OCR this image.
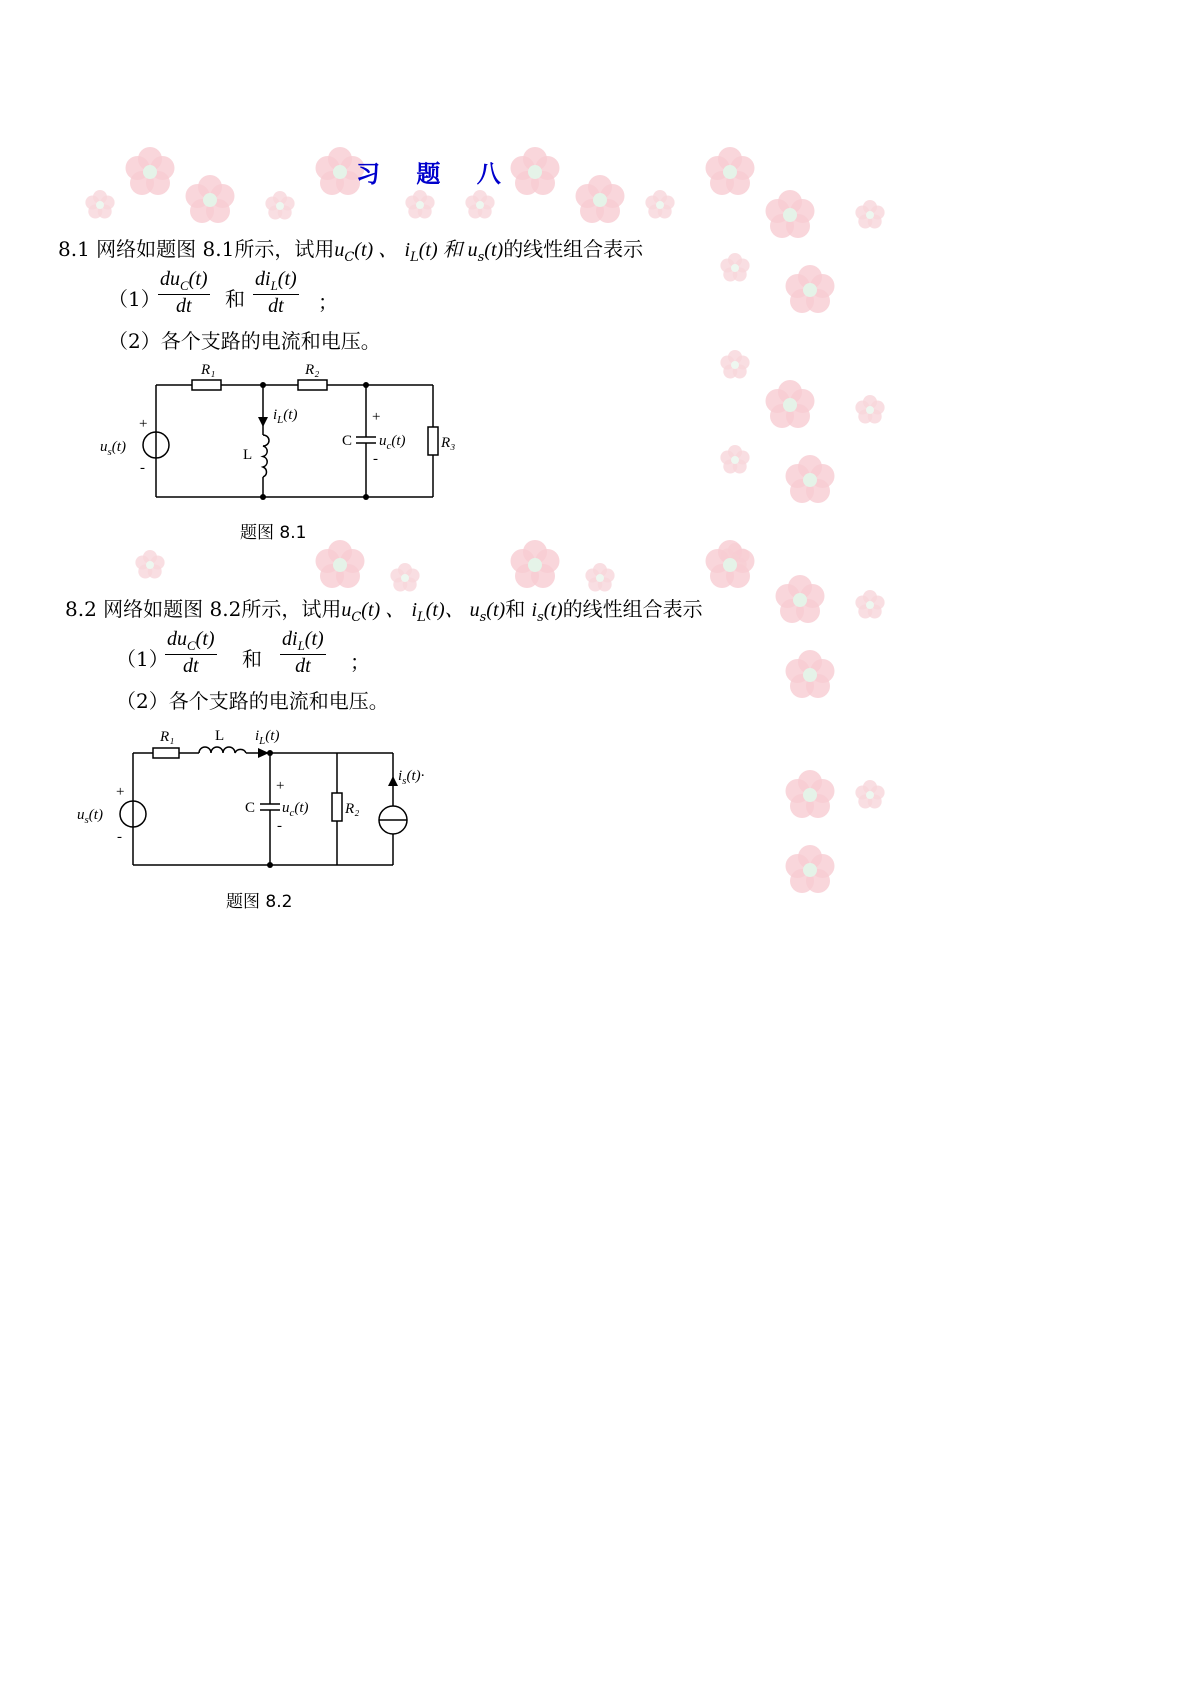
习 题 八
8.1 网络如题图 8.1所示，试用$u_C(t)$ 、 $i_L(t)$ 和 $u_s(t)$的线性组合表示
（1）
$du_C(t)$
dt	和
$di_L(t)$
dt	；
（2）各个支路的电流和电压。
R₁	R₂
R₃
$i_L(t)$
L
C $u_c(t)$
$u_s(t)$
+
-
+
-
题图 8.1
8.2 网络如题图 8.2所示，试用$u_C(t)$ 、 $i_L(t)$、 $u_s(t)$和 $i_s(t)$的线性组合表示
（1）
$du_C(t)$
dt	和
$di_L(t)$
dt	；
（2）各个支路的电流和电压。
R₁	L $i_L(t)$
C $u_c(t)$ R₂
$i_s(t)\cdot$
$u_s(t)$
+
-
+
-
题图 8.2
